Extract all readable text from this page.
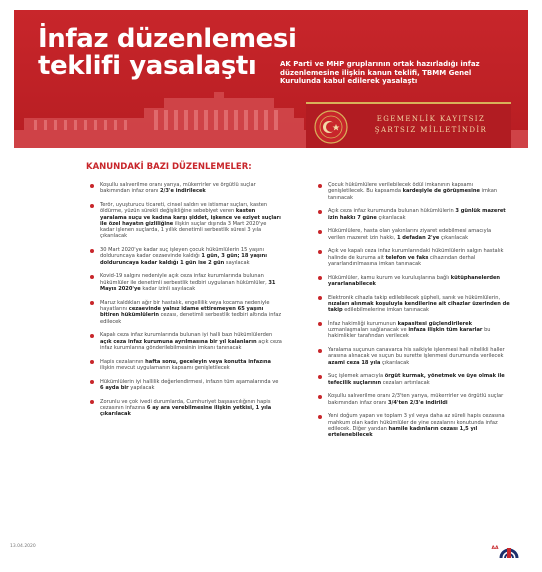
İnfaz düzenlemesi
teklifi yasalaştı	AK Parti ve MHP gruplarının ortak hazırladığı infaz düzenlemesine ilişkin kanun teklifi, TBMM Genel Kurulunda kabul edilerek yasalaştı
EGEMENLİK KAYITSIZ
ŞARTSIZ MİLLETİNDİR
KANUNDAKİ BAZI DÜZENLEMELER:
Koşullu salıverilme oranı yarıya, mükerrirler ve örgütlü suçlar bakımından infaz oranı 2/3'e indirilecek
Terör, uyuşturucu ticareti, cinsel saldırı ve istismar suçları, kasten öldürme, yüzün sürekli değişikliğine sebebiyet veren kasten yaralama suçu ve kadına karşı şiddet, işkence ve eziyet suçları ile özel hayatın gizliliğine ilişkin suçlar dışında 3 Mart 2020'ye kadar işlenen suçlarda, 1 yıllık denetimli serbestlik süresi 3 yıla çıkarılacak
30 Mart 2020'ye kadar suç işleyen çocuk hükümlülerin 15 yaşını dolduruncaya kadar cezaevinde kaldığı 1 gün, 3 gün; 18 yaşını dolduruncaya kadar kaldığı 1 gün ise 2 gün sayılacak
Kovid-19 salgını nedeniyle açık ceza infaz kurumlarında bulunan hükümlüler ile denetimli serbestlik tedbiri uygulanan hükümlüler, 31 Mayıs 2020'ye kadar izinli sayılacak
Maruz kaldıkları ağır bir hastalık, engellilik veya kocama nedeniyle hayatlarını cezaevinde yalnız idame ettiremeyen 65 yaşını bitiren hükümlülerin cezası, denetimli serbestlik tedbiri altında infaz edilecek
Kapalı ceza infaz kurumlarında bulunan iyi halli bazı hükümlülerden açık ceza infaz kurumuna ayrılmasına bir yıl kalanların açık ceza infaz kurumlarına gönderilebilmesinin imkanı tanınacak
Hapis cezalarının hafta sonu, geceleyin veya konutta infazına ilişkin mevcut uygulamanın kapsamı genişletilecek
Hükümlülerin iyi hallilik değerlendirmesi, infazın tüm aşamalarında ve 6 ayda bir yapılacak
Zorunlu ve çok ivedi durumlarda, Cumhuriyet başsavcılığının hapis cezasının infazına 6 ay ara verebilmesine ilişkin yetkisi, 1 yıla çıkarılacak
Çocuk hükümlülere verilebilecek ödül imkanının kapsamı genişletilecek. Bu kapsamda kardeşiyle de görüşmesine imkan tanınacak
Açık ceza infaz kurumunda bulunan hükümlülerin 3 günlük mazeret izin hakkı 7 güne çıkarılacak
Hükümlülere, hasta olan yakınlarını ziyaret edebilmesi amacıyla verilen mazeret izin hakkı, 1 defadan 2'ye çıkarılacak
Açık ve kapalı ceza infaz kurumlarındaki hükümlülerin salgın hastalık halinde de kuruma ait telefon ve faks cihazından derhal yararlandırılmasına imkan tanınacak
Hükümlüler, kamu kurum ve kuruluşlarına bağlı kütüphanelerden yararlanabilecek
Elektronik cihazla takip edilebilecek şüpheli, sanık ve hükümlülerin, nızaları alınmak koşuluyla kendilerine ait cihazlar üzerinden de takip edilebilmelerine imkan tanınacak
İnfaz hakimliği kurumunun kapasitesi güçlendirilerek uzmanlaşmaları sağlanacak ve infaza ilişkin tüm kararlar bu hakimlikler tarafından verilecek
Yaralama suçunun canavarca his saikiyle işlenmesi hali nitelikli haller arasına alınacak ve suçun bu surette işlenmesi durumunda verilecek azami ceza 18 yıla çıkarılacak
Suç işlemek amacıyla örgüt kurmak, yönetmek ve üye olmak ile tefecilik suçlarının cezaları artırılacak
Koşullu salıverilme oranı 2/3'ten yarıya, mükerrirler ve örgütlü suçlar bakımından infaz oranı 3/4'ten 2/3'e indirildi
Yeni doğum yapan ve toplam 3 yıl veya daha az süreli hapis cezasına mahkum olan kadın hükümlüler de yine cezalarını konutunda infaz edilecek. Diğer yandan hamile kadınların cezası 1,5 yıl ertelenebilecek
13.04.2020	AA
